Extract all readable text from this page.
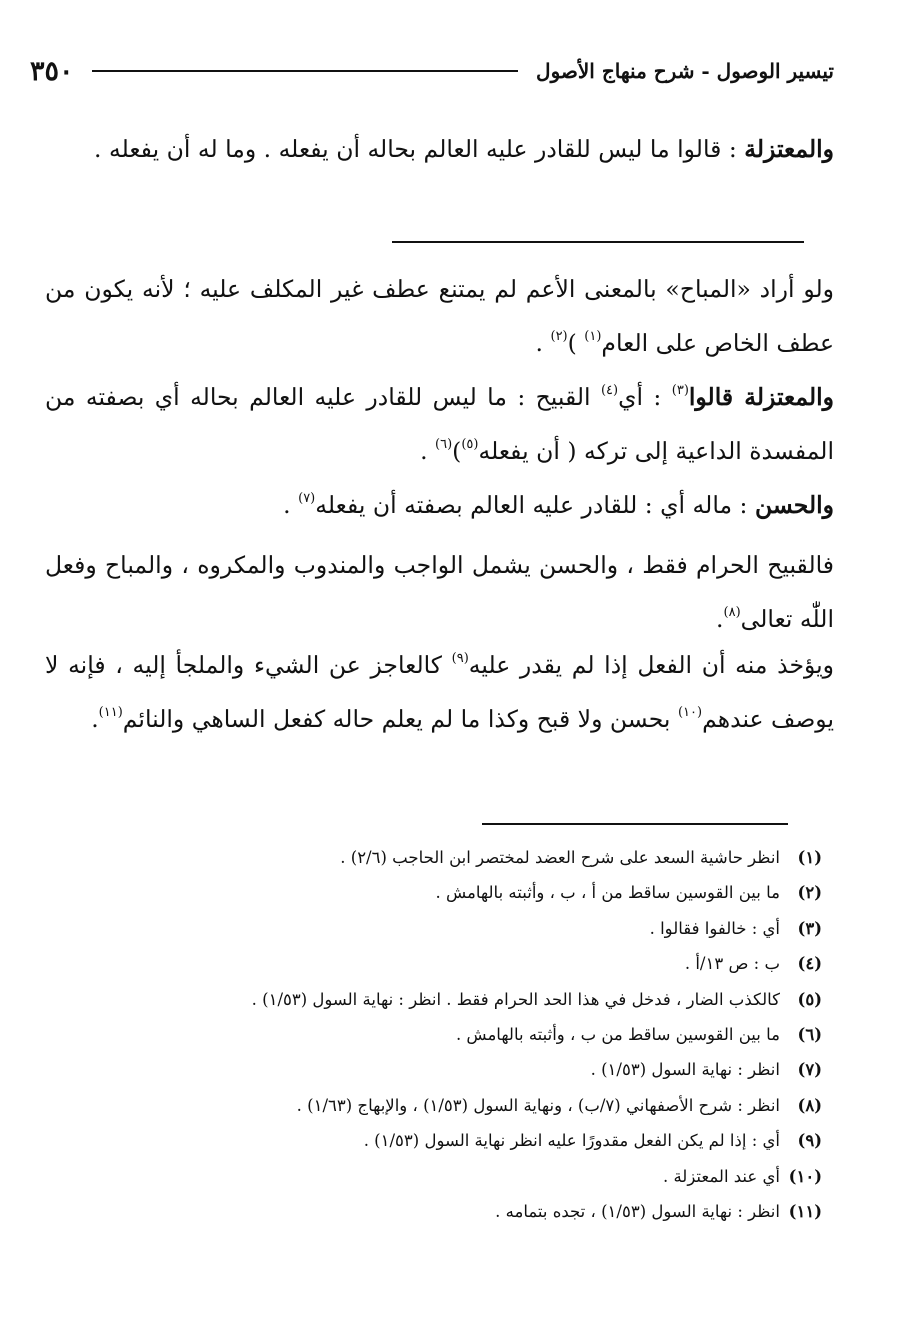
٣٥٠	تيسير الوصول - شرح منهاج الأصول
والمعتزلة : قالوا ما ليس للقادر عليه العالم بحاله أن يفعله . وما له أن يفعله .
ولو أراد «المباح» بالمعنى الأعم لم يمتنع عطف غير المكلف عليه ؛ لأنه يكون من عطف الخاص على العام$^{(١)}$ )$^{(٢)}$ .
والمعتزلة قالوا$^{(٣)}$ : أي$^{(٤)}$ القبيح : ما ليس للقادر عليه العالم بحاله أي بصفته من المفسدة الداعية إلى تركه ( أن يفعله$^{(٥)}$)$^{(٦)}$ .
والحسن : ماله أي : للقادر عليه العالم بصفته أن يفعله$^{(٧)}$ .
فالقبيح الحرام فقط ، والحسن يشمل الواجب والمندوب والمكروه ، والمباح وفعل اللّٰه تعالى$^{(٨)}$.
ويؤخذ منه أن الفعل إذا لم يقدر عليه$^{(٩)}$ كالعاجز عن الشيء والملجأ إليه ، فإنه لا يوصف عندهم$^{(١٠)}$ بحسن ولا قبح وكذا ما لم يعلم حاله كفعل الساهي والنائم$^{(١١)}$.
(١)
انظر حاشية السعد على شرح العضد لمختصر ابن الحاجب (٢/٦) .
(٢)
ما بين القوسين ساقط من أ ، ب ، وأثبته بالهامش .
(٣)
أي : خالفوا فقالوا .
(٤)
ب : ص ١٣/أ .
(٥)
كالكذب الضار ، فدخل في هذا الحد الحرام فقط . انظر : نهاية السول (١/٥٣) .
(٦)
ما بين القوسين ساقط من ب ، وأثبته بالهامش .
(٧)
انظر : نهاية السول (١/٥٣) .
(٨)
انظر : شرح الأصفهاني (٧/ب) ، ونهاية السول (١/٥٣) ، والإبهاج (١/٦٣) .
(٩)
أي : إذا لم يكن الفعل مقدورًا عليه انظر نهاية السول (١/٥٣) .
(١٠)
أي عند المعتزلة .
(١١)
انظر : نهاية السول (١/٥٣) ، تجده بتمامه .
